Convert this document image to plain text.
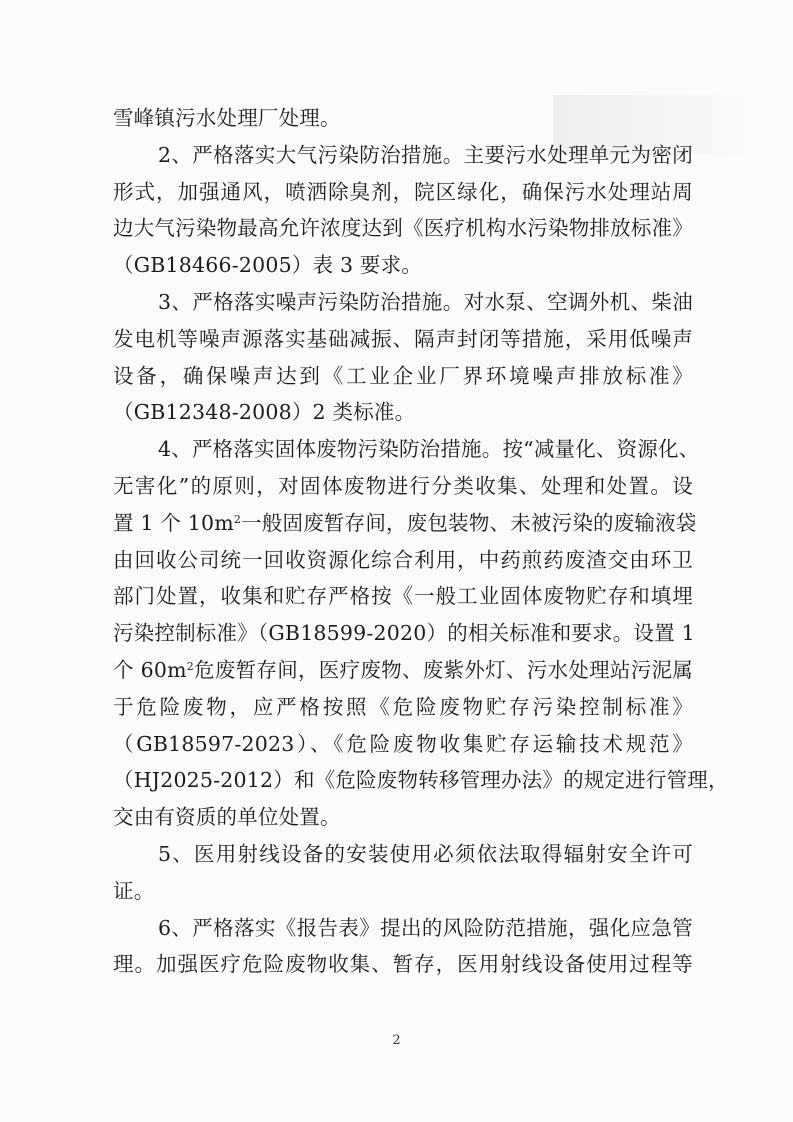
雪峰镇污水处理厂处理。
2、严格落实大气污染防治措施。主要污水处理单元为密闭
形式，加强通风，喷洒除臭剂，院区绿化，确保污水处理站周
边大气污染物最高允许浓度达到《医疗机构水污染物排放标准》
（GB18466-2005）表 3 要求。
3、严格落实噪声污染防治措施。对水泵、空调外机、柴油
发电机等噪声源落实基础减振、隔声封闭等措施，采用低噪声
设备，确保噪声达到《工业企业厂界环境噪声排放标准》
（GB12348-2008）2 类标准。
4、严格落实固体废物污染防治措施。按“减量化、资源化、
无害化”的原则，对固体废物进行分类收集、处理和处置。设
置 1 个 $10m^2$一般固废暂存间，废包装物、未被污染的废输液袋
由回收公司统一回收资源化综合利用，中药煎药废渣交由环卫
部门处置，收集和贮存严格按《一般工业固体废物贮存和填埋
污染控制标准》（GB18599-2020）的相关标准和要求。设置 1
个 $60m^2$危废暂存间，医疗废物、废紫外灯、污水处理站污泥属
于危险废物，应严格按照《危险废物贮存污染控制标准》
（GB18597-2023）、《危险废物收集贮存运输技术规范》
（HJ2025-2012）和《危险废物转移管理办法》的规定进行管理，
交由有资质的单位处置。
5、医用射线设备的安装使用必须依法取得辐射安全许可
证。
6、严格落实《报告表》提出的风险防范措施，强化应急管
理。加强医疗危险废物收集、暂存，医用射线设备使用过程等
2
